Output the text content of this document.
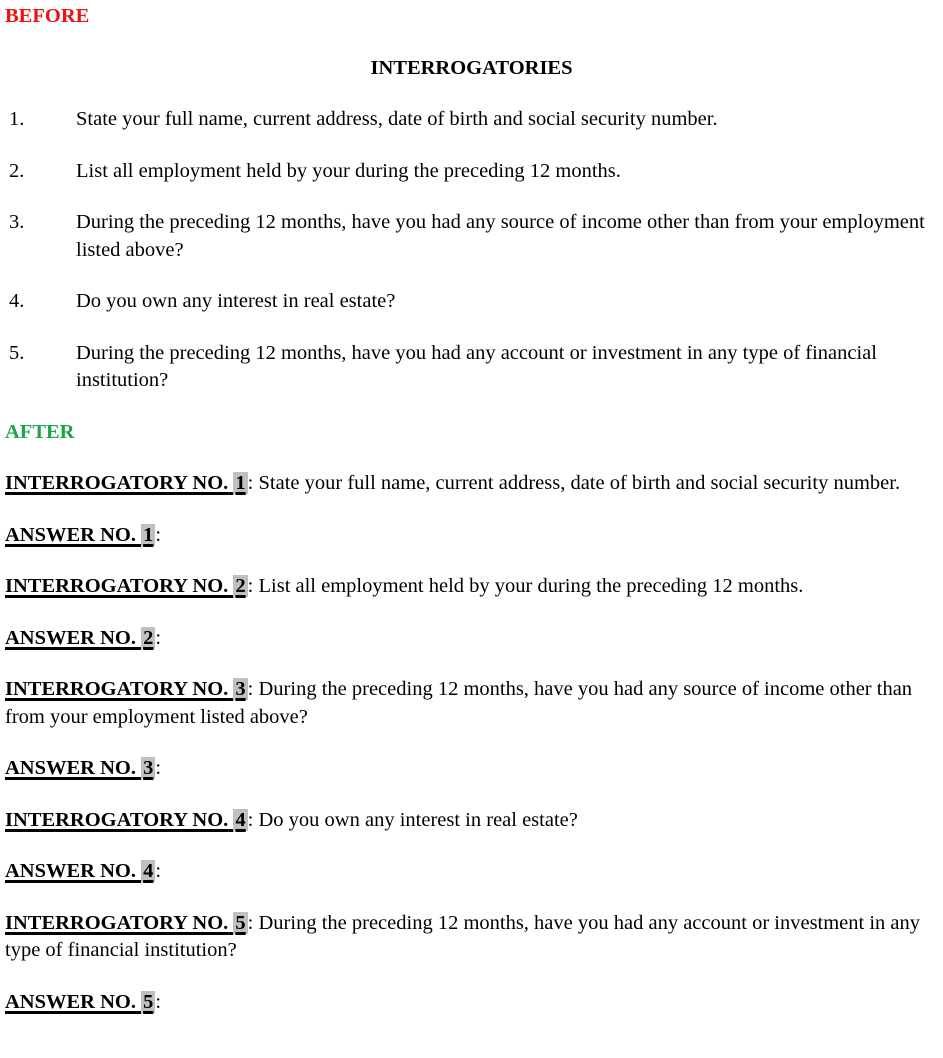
BEFORE

INTERROGATORIES

1.	State your full name, current address, date of birth and social security number.
2.	List all employment held by your during the preceding 12 months.
3.	During the preceding 12 months, have you had any source of income other than from your employment listed above?
4.	Do you own any interest in real estate?
5.	During the preceding 12 months, have you had any account or investment in any type of financial institution?

AFTER

INTERROGATORY NO. 1: State your full name, current address, date of birth and social security number.

ANSWER NO. 1:

INTERROGATORY NO. 2: List all employment held by your during the preceding 12 months.

ANSWER NO. 2:

INTERROGATORY NO. 3: During the preceding 12 months, have you had any source of income other than from your employment listed above?

ANSWER NO. 3:

INTERROGATORY NO. 4: Do you own any interest in real estate?

ANSWER NO. 4:

INTERROGATORY NO. 5: During the preceding 12 months, have you had any account or investment in any type of financial institution?

ANSWER NO. 5:
